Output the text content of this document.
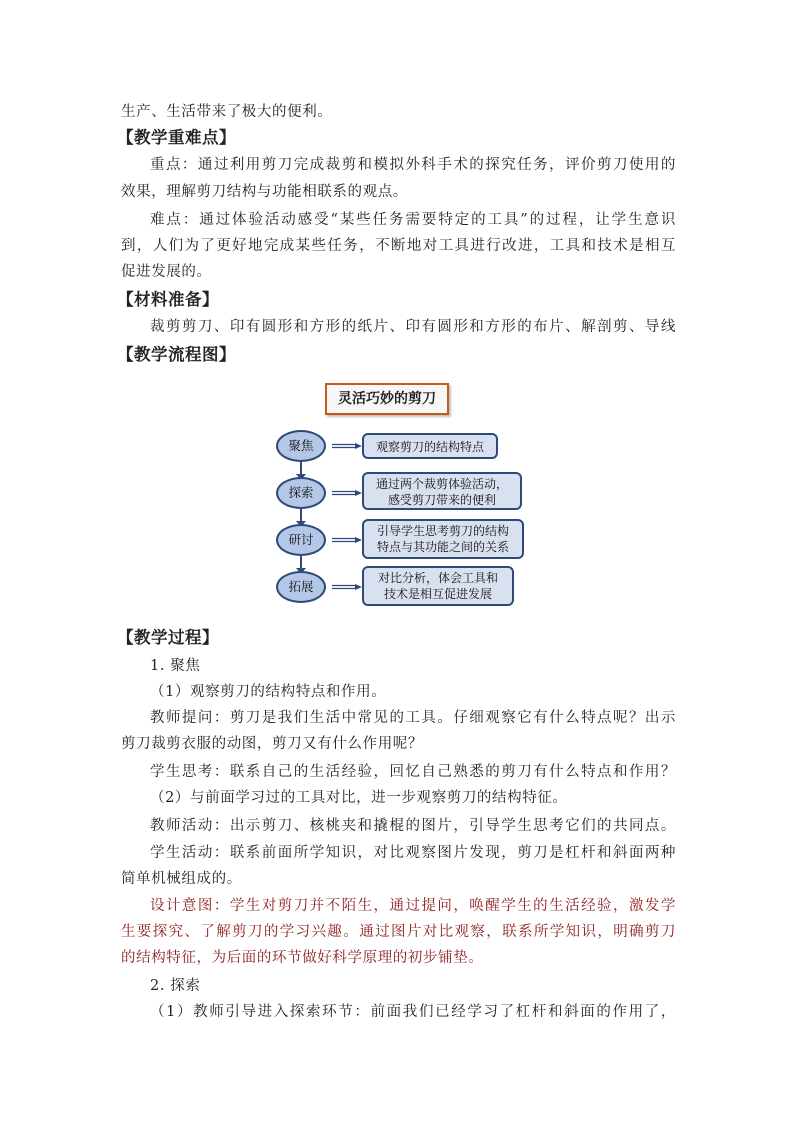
生产、生活带来了极大的便利。
【教学重难点】
重点：通过利用剪刀完成裁剪和模拟外科手术的探究任务，评价剪刀使用的
效果，理解剪刀结构与功能相联系的观点。
难点：通过体验活动感受“某些任务需要特定的工具”的过程，让学生意识
到，人们为了更好地完成某些任务，不断地对工具进行改进，工具和技术是相互
促进发展的。
【材料准备】
裁剪剪刀、印有圆形和方形的纸片、印有圆形和方形的布片、解剖剪、导线
【教学流程图】
灵活巧妙的剪刀
聚焦	观察剪刀的结构特点
探索
通过两个裁剪体验活动，
感受剪刀带来的便利
研讨
引导学生思考剪刀的结构
特点与其功能之间的关系
拓展
对比分析，体会工具和
技术是相互促进发展
【教学过程】
1. 聚焦
（1）观察剪刀的结构特点和作用。
教师提问：剪刀是我们生活中常见的工具。仔细观察它有什么特点呢？出示
剪刀裁剪衣服的动图，剪刀又有什么作用呢？
学生思考：联系自己的生活经验，回忆自己熟悉的剪刀有什么特点和作用？
（2）与前面学习过的工具对比，进一步观察剪刀的结构特征。
教师活动：出示剪刀、核桃夹和撬棍的图片，引导学生思考它们的共同点。
学生活动：联系前面所学知识，对比观察图片发现，剪刀是杠杆和斜面两种
简单机械组成的。
设计意图：学生对剪刀并不陌生，通过提问，唤醒学生的生活经验，激发学
生要探究、了解剪刀的学习兴趣。通过图片对比观察，联系所学知识，明确剪刀
的结构特征，为后面的环节做好科学原理的初步铺垫。
2. 探索
（1）教师引导进入探索环节：前面我们已经学习了杠杆和斜面的作用了，
